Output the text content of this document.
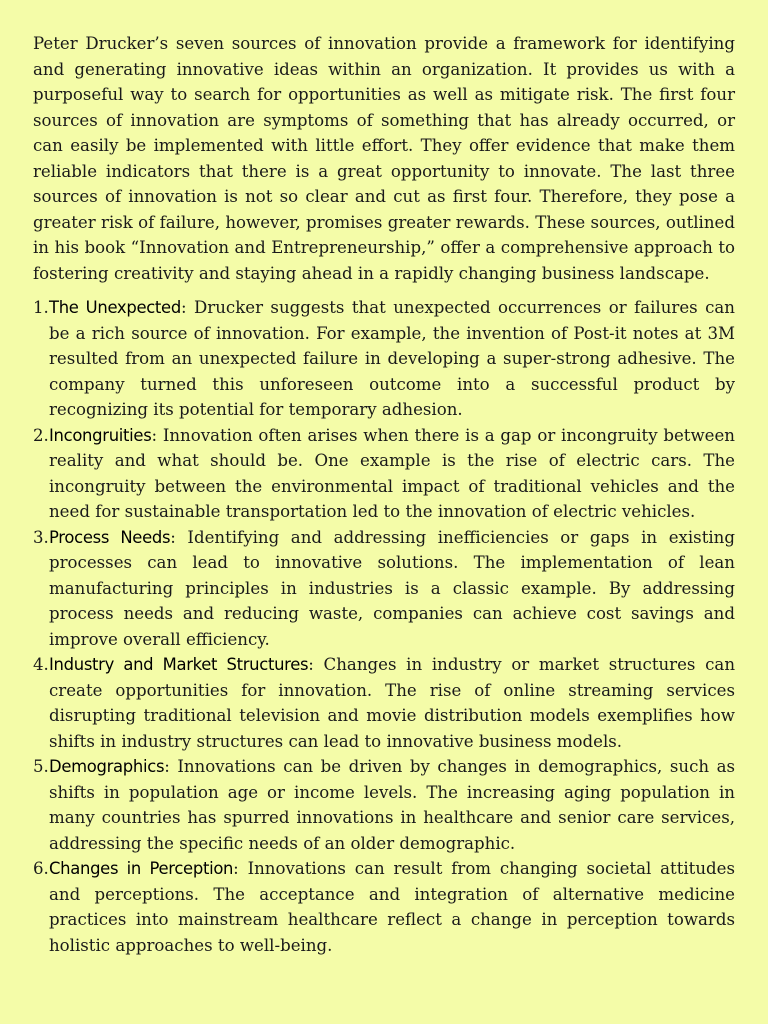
Peter Drucker’s seven sources of innovation provide a framework for identifying and generating innovative ideas within an organization. It provides us with a purposeful way to search for opportunities as well as mitigate risk. The first four sources of innovation are symptoms of something that has already occurred, or can easily be implemented with little effort. They offer evidence that make them reliable indicators that there is a great opportunity to innovate. The last three sources of innovation is not so clear and cut as first four. Therefore, they pose a greater risk of failure, however, promises greater rewards. These sources, outlined in his book “Innovation and Entrepreneurship,” offer a comprehensive approach to fostering creativity and staying ahead in a rapidly changing business landscape.

1. The Unexpected: Drucker suggests that unexpected occurrences or failures can be a rich source of innovation. For example, the invention of Post-it notes at 3M resulted from an unexpected failure in developing a super-strong adhesive. The company turned this unforeseen outcome into a successful product by recognizing its potential for temporary adhesion.
2. Incongruities: Innovation often arises when there is a gap or incongruity between reality and what should be. One example is the rise of electric cars. The incongruity between the environmental impact of traditional vehicles and the need for sustainable transportation led to the innovation of electric vehicles.
3. Process Needs: Identifying and addressing inefficiencies or gaps in existing processes can lead to innovative solutions. The implementation of lean manufacturing principles in industries is a classic example. By addressing process needs and reducing waste, companies can achieve cost savings and improve overall efficiency.
4. Industry and Market Structures: Changes in industry or market structures can create opportunities for innovation. The rise of online streaming services disrupting traditional television and movie distribution models exemplifies how shifts in industry structures can lead to innovative business models.
5. Demographics: Innovations can be driven by changes in demographics, such as shifts in population age or income levels. The increasing aging population in many countries has spurred innovations in healthcare and senior care services, addressing the specific needs of an older demographic.
6. Changes in Perception: Innovations can result from changing societal attitudes and perceptions. The acceptance and integration of alternative medicine practices into mainstream healthcare reflect a change in perception towards holistic approaches to well-being.
